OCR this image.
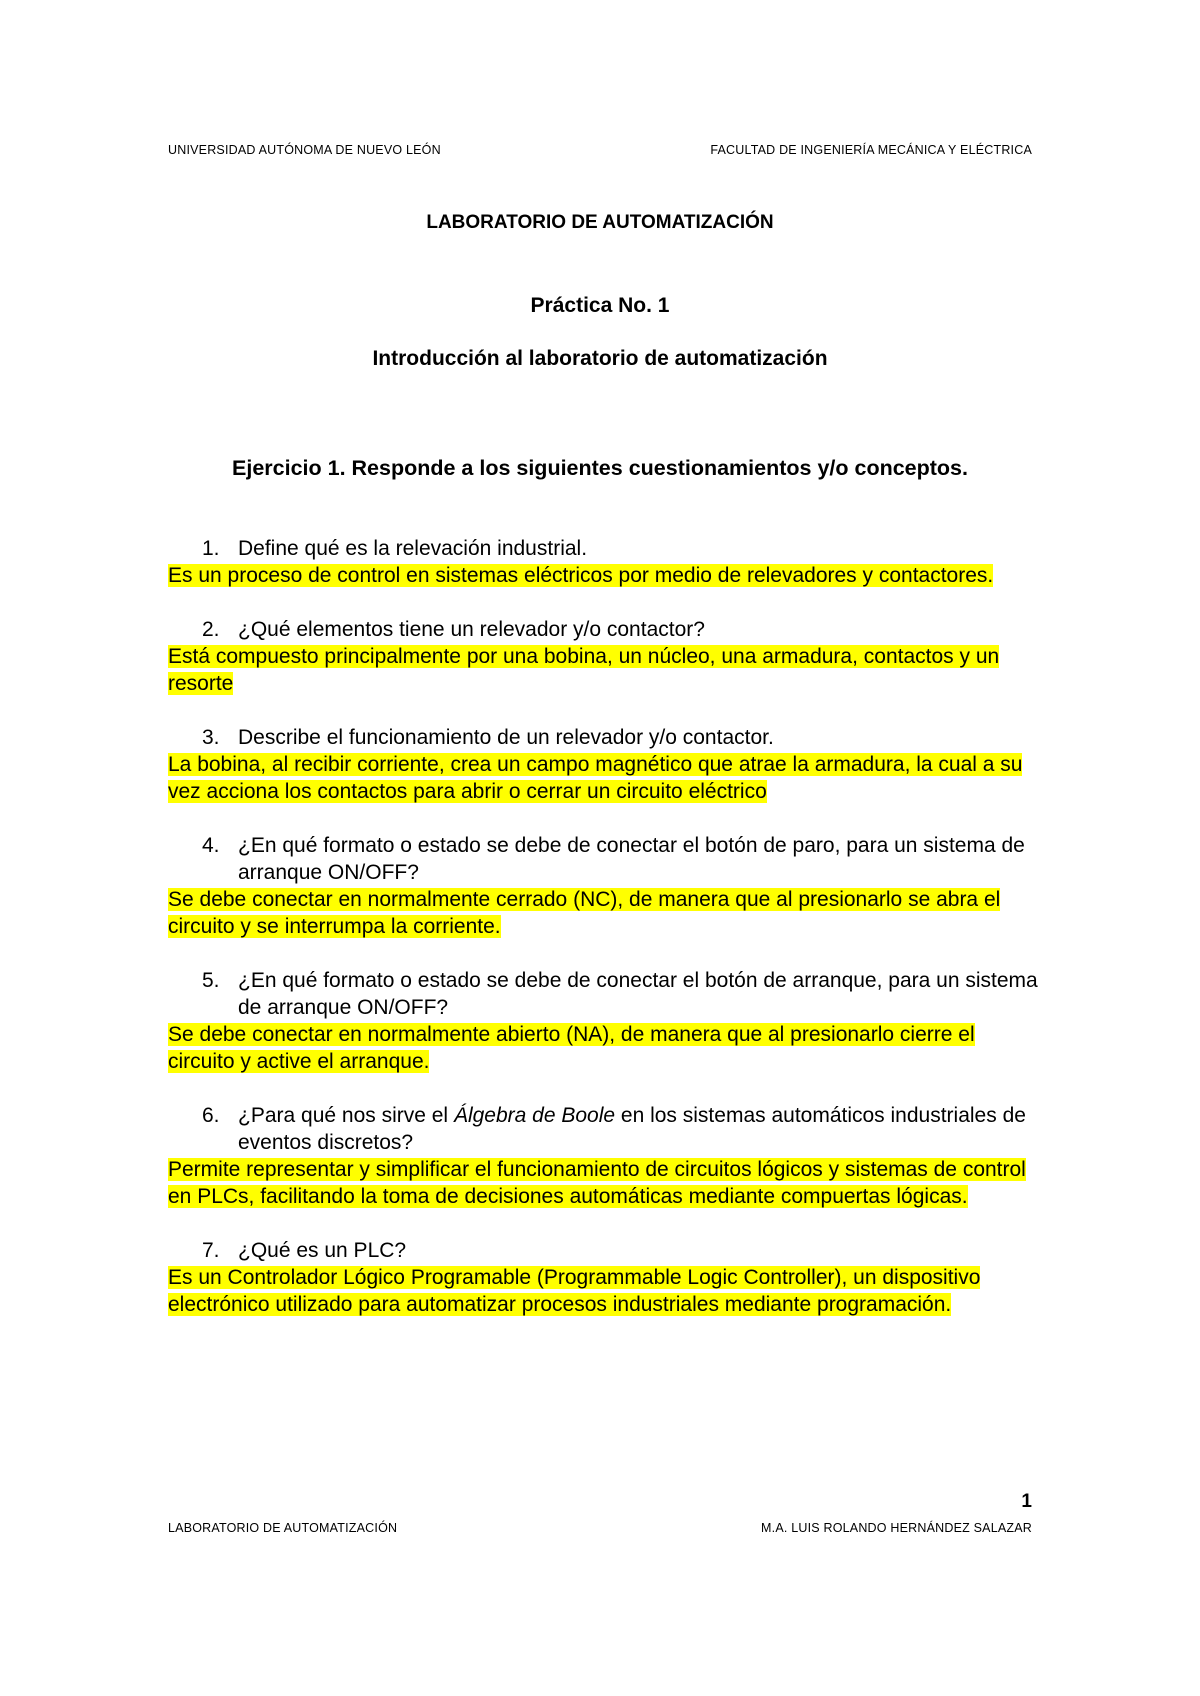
UNIVERSIDAD AUTÓNOMA DE NUEVO LEÓN	FACULTAD DE INGENIERÍA MECÁNICA Y ELÉCTRICA
LABORATORIO DE AUTOMATIZACIÓN
Práctica No. 1
Introducción al laboratorio de automatización
Ejercicio 1. Responde a los siguientes cuestionamientos y/o conceptos.
1. Define qué es la relevación industrial.
Es un proceso de control en sistemas eléctricos por medio de relevadores y contactores.
2. ¿Qué elementos tiene un relevador y/o contactor?
Está compuesto principalmente por una bobina, un núcleo, una armadura, contactos y un resorte
3. Describe el funcionamiento de un relevador y/o contactor.
La bobina, al recibir corriente, crea un campo magnético que atrae la armadura, la cual a su vez acciona los contactos para abrir o cerrar un circuito eléctrico
4. ¿En qué formato o estado se debe de conectar el botón de paro, para un sistema de arranque ON/OFF?
Se debe conectar en normalmente cerrado (NC), de manera que al presionarlo se abra el circuito y se interrumpa la corriente.
5. ¿En qué formato o estado se debe de conectar el botón de arranque, para un sistema de arranque ON/OFF?
Se debe conectar en normalmente abierto (NA), de manera que al presionarlo cierre el circuito y active el arranque.
6. ¿Para qué nos sirve el Álgebra de Boole en los sistemas automáticos industriales de eventos discretos?
Permite representar y simplificar el funcionamiento de circuitos lógicos y sistemas de control en PLCs, facilitando la toma de decisiones automáticas mediante compuertas lógicas.
7. ¿Qué es un PLC?
Es un Controlador Lógico Programable (Programmable Logic Controller), un dispositivo electrónico utilizado para automatizar procesos industriales mediante programación.
1
LABORATORIO DE AUTOMATIZACIÓN	M.A. LUIS ROLANDO HERNÁNDEZ SALAZAR
